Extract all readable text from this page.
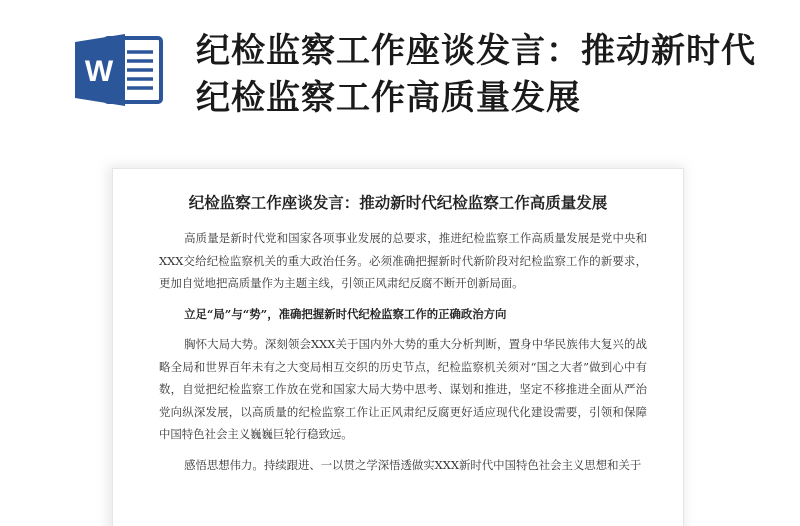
W
纪检监察工作座谈发言：推动新时代纪检监察工作高质量发展
纪检监察工作座谈发言：推动新时代纪检监察工作高质量发展

高质量是新时代党和国家各项事业发展的总要求，推进纪检监察工作高质量发展是党中央和XXX交给纪检监察机关的重大政治任务。必须准确把握新时代新阶段对纪检监察工作的新要求，更加自觉地把高质量作为主题主线，引领正风肃纪反腐不断开创新局面。

立足“局”与“势”，准确把握新时代纪检监察工作的正确政治方向

胸怀大局大势。深刻领会XXX关于国内外大势的重大分析判断，置身中华民族伟大复兴的战略全局和世界百年未有之大变局相互交织的历史节点，纪检监察机关须对“国之大者”做到心中有数，自觉把纪检监察工作放在党和国家大局大势中思考、谋划和推进，坚定不移推进全面从严治党向纵深发展，以高质量的纪检监察工作让正风肃纪反腐更好适应现代化建设需要，引领和保障中国特色社会主义巍巍巨轮行稳致远。

感悟思想伟力。持续跟进、一以贯之学深悟透做实XXX新时代中国特色社会主义思想和关于
